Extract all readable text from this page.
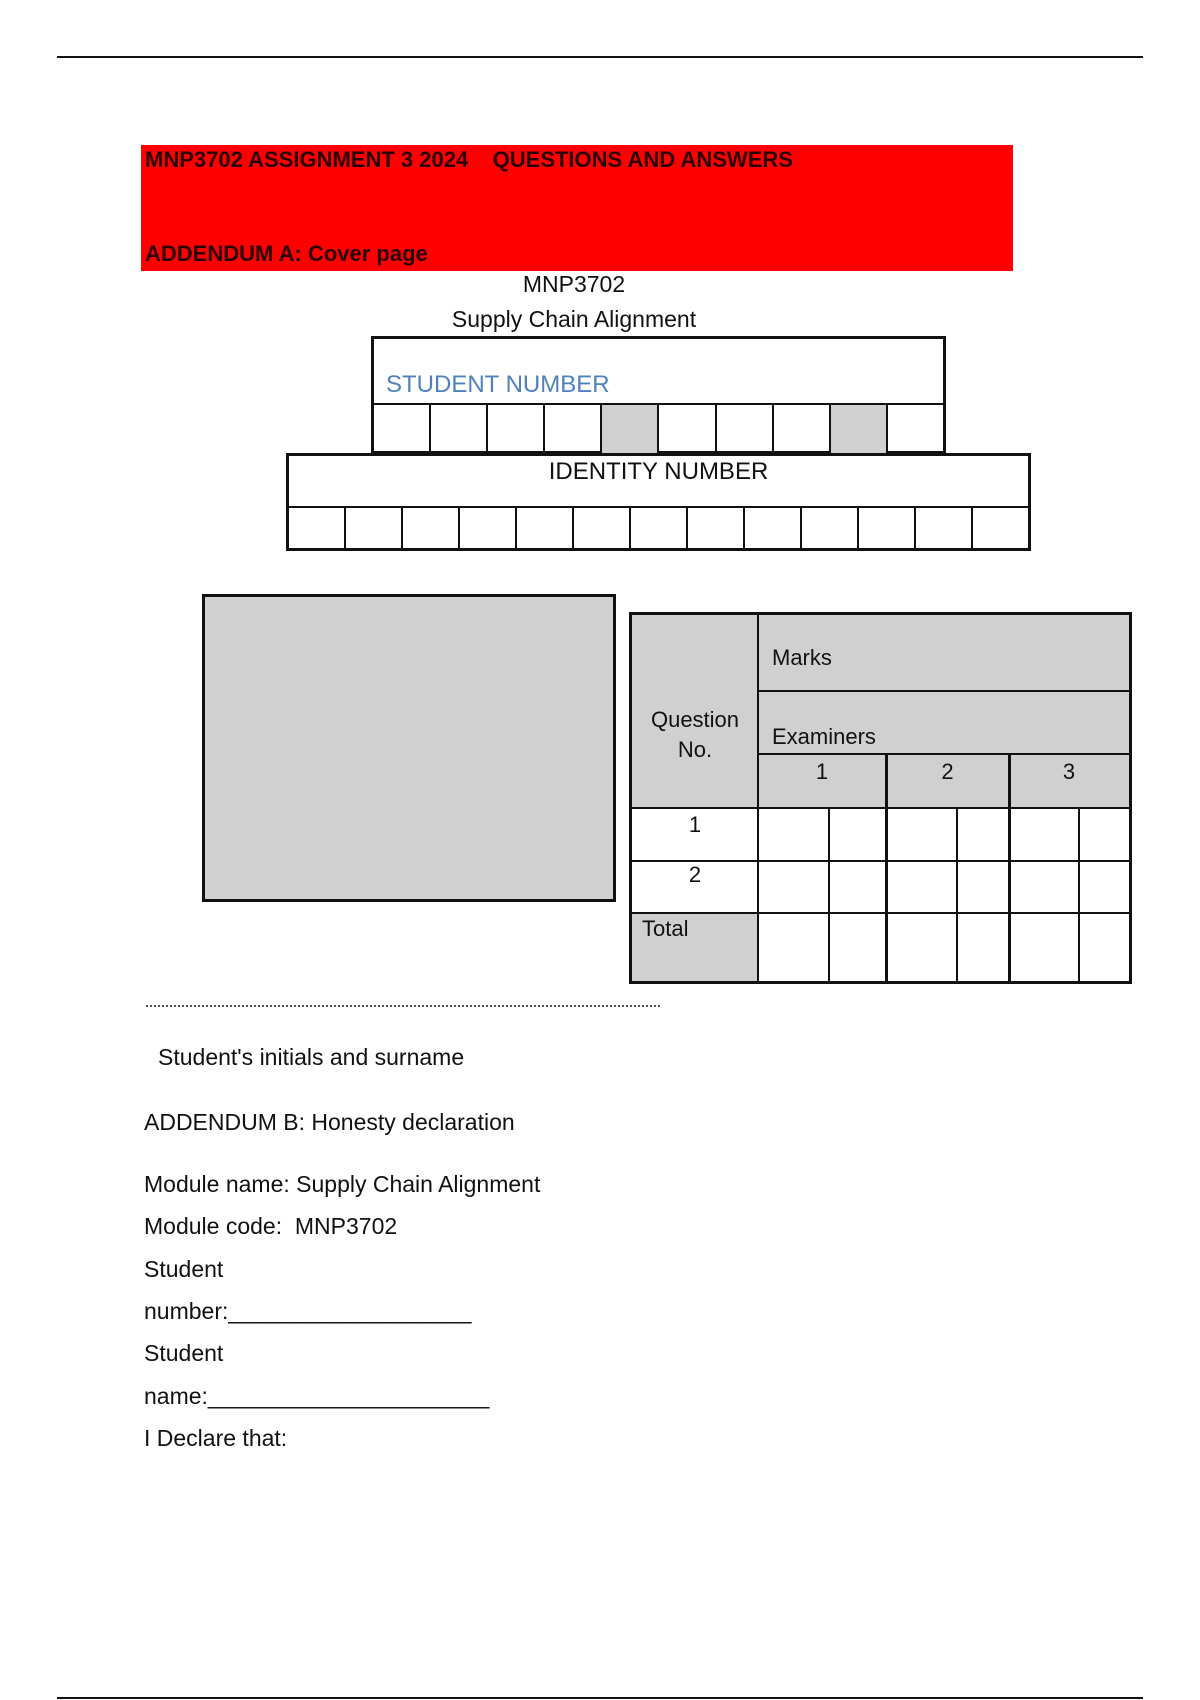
MNP3702 ASSIGNMENT 3 2024    QUESTIONS AND ANSWERS
ADDENDUM A: Cover page
MNP3702
Supply Chain Alignment
STUDENT NUMBER
IDENTITY NUMBER
Question
No.
Marks
Examiners
1	2	3
1
2
Total
Student's initials and surname
ADDENDUM B: Honesty declaration
Module name: Supply Chain Alignment
Module code:  MNP3702
Student
number:___________________
Student
name:______________________
I Declare that:
